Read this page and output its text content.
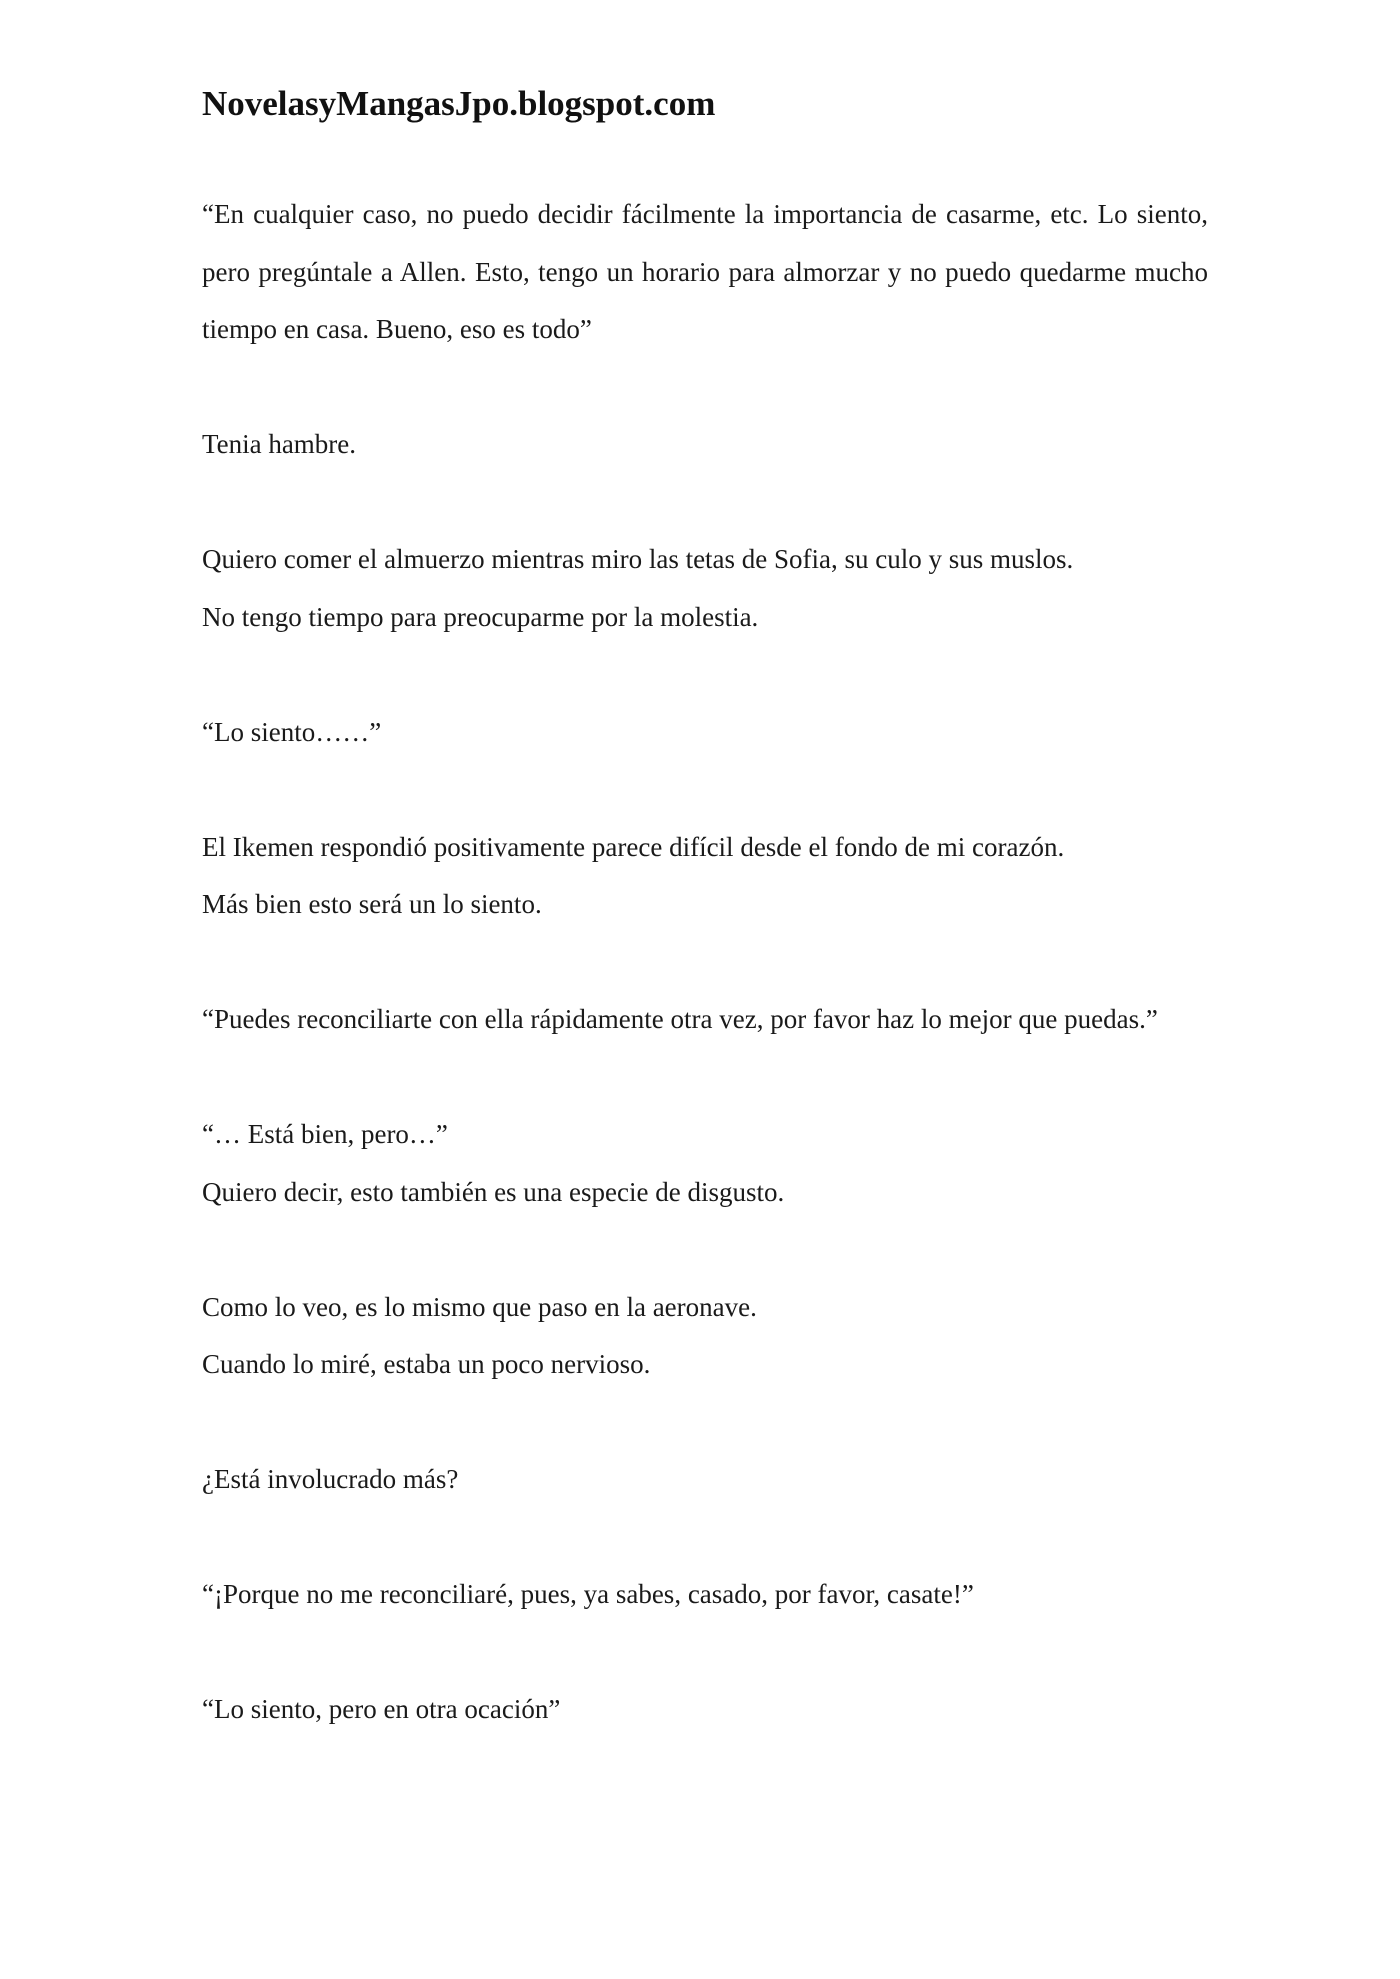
NovelasyMangasJpo.blogspot.com

“En cualquier caso, no puedo decidir fácilmente la importancia de casarme, etc. Lo siento, pero pregúntale a Allen. Esto, tengo un horario para almorzar y no puedo quedarme mucho tiempo en casa. Bueno, eso es todo”

Tenia hambre.

Quiero comer el almuerzo mientras miro las tetas de Sofia, su culo y sus muslos.

No tengo tiempo para preocuparme por la molestia.

“Lo siento……”

El Ikemen respondió positivamente parece difícil desde el fondo de mi corazón.

Más bien esto será un lo siento.

“Puedes reconciliarte con ella rápidamente otra vez, por favor haz lo mejor que puedas.”

“… Está bien, pero…”

Quiero decir, esto también es una especie de disgusto.

Como lo veo, es lo mismo que paso en la aeronave.

Cuando lo miré, estaba un poco nervioso.

¿Está involucrado más?

“¡Porque no me reconciliaré, pues, ya sabes, casado, por favor, casate!”

“Lo siento, pero en otra ocación”
